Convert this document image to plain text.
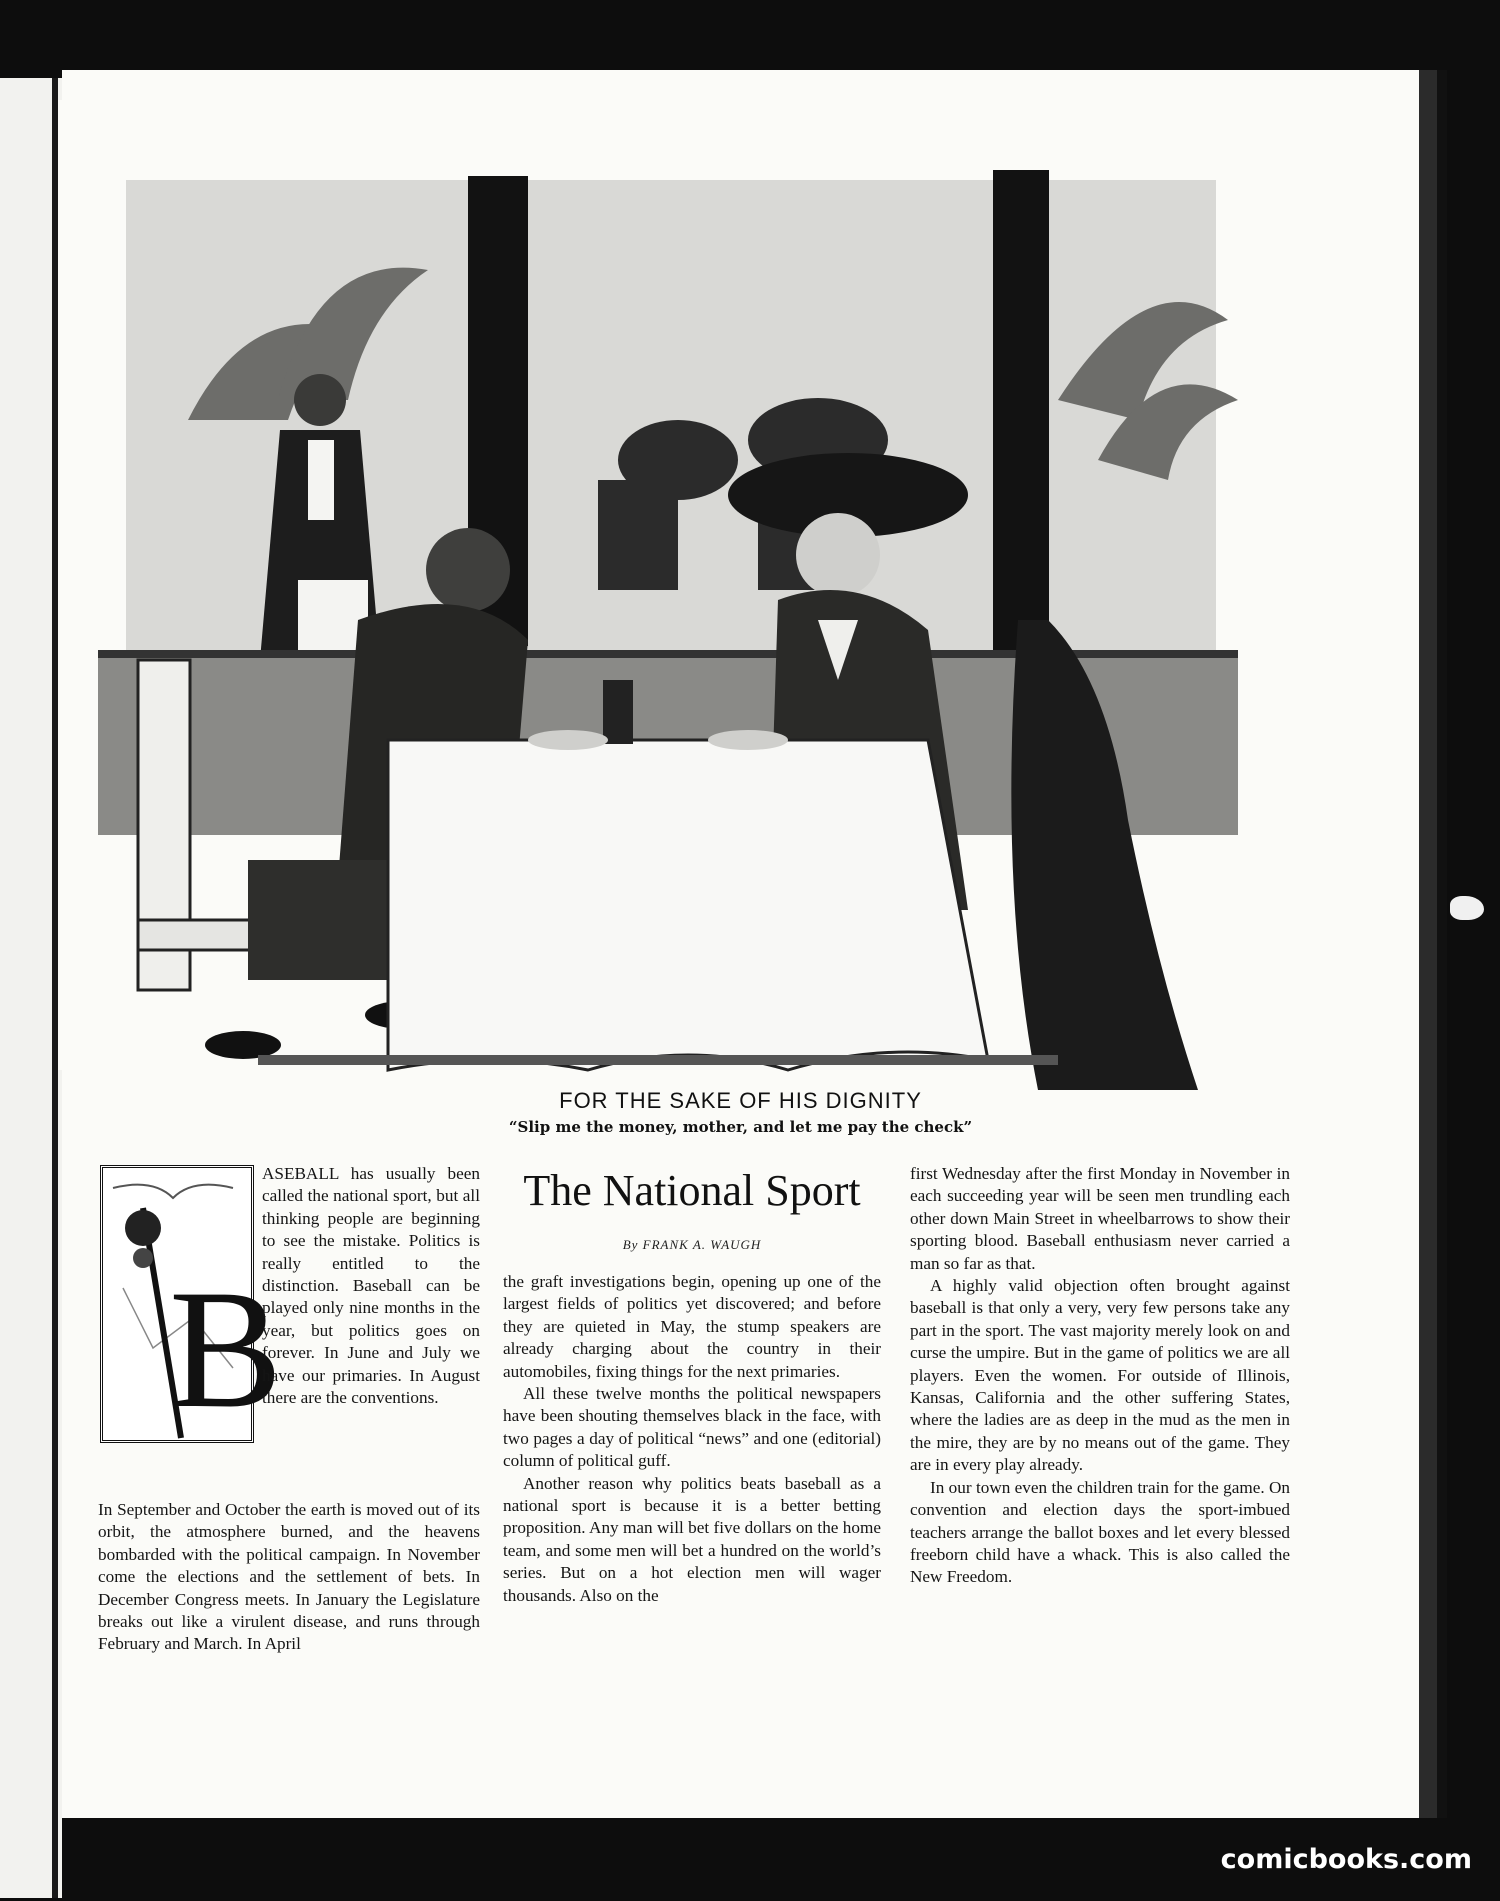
FOR THE SAKE OF HIS DIGNITY
“Slip me the money, mother, and let me pay the check”
B

ASEBALL has usually been called the national sport, but all thinking people are beginning to see the mistake. Politics is really entitled to the distinction. Baseball can be played only nine months in the year, but politics goes on forever. In June and July we have our primaries. In August there are the conventions.

In September and October the earth is moved out of its orbit, the atmosphere burned, and the heavens bombarded with the political campaign. In November come the elections and the settlement of bets. In December Congress meets. In January the Legislature breaks out like a virulent disease, and runs through February and March. In April

The National Sport
By FRANK A. WAUGH

the graft investigations begin, opening up one of the largest fields of politics yet discovered; and before they are quieted in May, the stump speakers are already charging about the country in their automobiles, fixing things for the next primaries.

All these twelve months the political newspapers have been shouting themselves black in the face, with two pages a day of political “news” and one (editorial) column of political guff.

Another reason why politics beats baseball as a national sport is because it is a better betting proposition. Any man will bet five dollars on the home team, and some men will bet a hundred on the world’s series. But on a hot election men will wager thousands. Also on the

first Wednesday after the first Monday in November in each succeeding year will be seen men trundling each other down Main Street in wheelbarrows to show their sporting blood. Baseball enthusiasm never carried a man so far as that.

A highly valid objection often brought against baseball is that only a very, very few persons take any part in the sport. The vast majority merely look on and curse the umpire. But in the game of politics we are all players. Even the women. For outside of Illinois, Kansas, California and the other suffering States, where the ladies are as deep in the mud as the men in the mire, they are by no means out of the game. They are in every play already.

In our town even the children train for the game. On convention and election days the sport-imbued teachers arrange the ballot boxes and let every blessed freeborn child have a whack. This is also called the New Freedom.

comicbooks.com
